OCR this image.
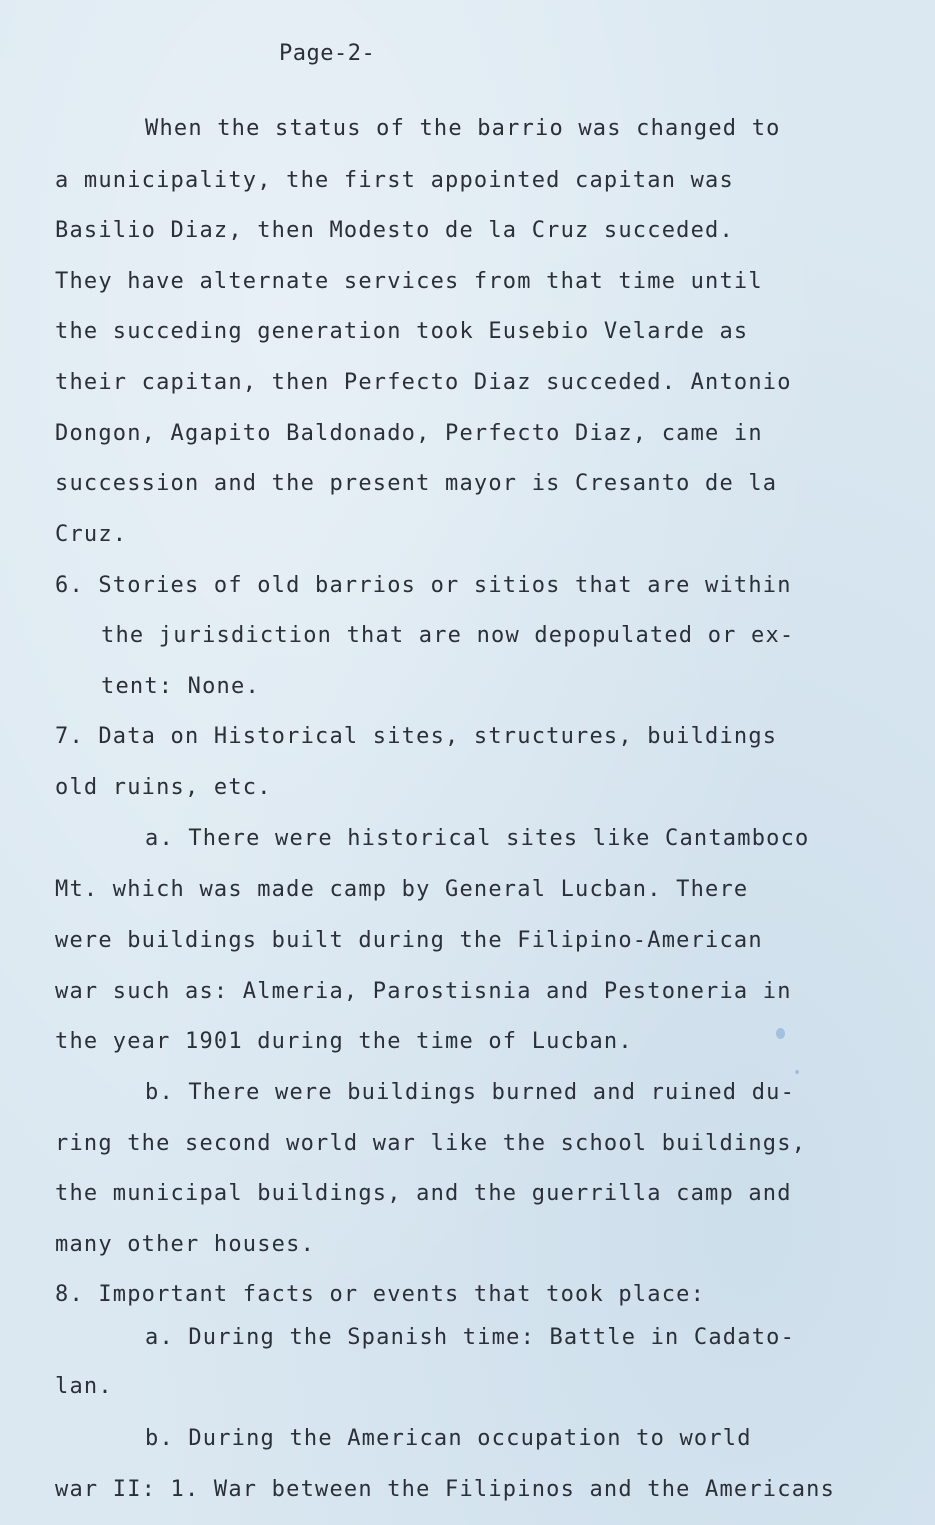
Page-2-
When the status of the barrio was changed to
a municipality, the first appointed capitan was
Basilio Diaz, then Modesto de la Cruz succeded.
They have alternate services from that time until
the succeding generation took Eusebio Velarde as
their capitan, then Perfecto Diaz succeded. Antonio
Dongon, Agapito Baldonado, Perfecto Diaz, came in
succession and the present mayor is Cresanto de la
Cruz.
6. Stories of old barrios or sitios that are within
the jurisdiction that are now depopulated or ex-
tent: None.
7. Data on Historical sites, structures, buildings
old ruins, etc.
a. There were historical sites like Cantamboco
Mt. which was made camp by General Lucban. There
were buildings built during the Filipino-American
war such as: Almeria, Parostisnia and Pestoneria in
the year 1901 during the time of Lucban.
b. There were buildings burned and ruined du-
ring the second world war like the school buildings,
the municipal buildings, and the guerrilla camp and
many other houses.
8. Important facts or events that took place:
a. During the Spanish time: Battle in Cadato-
lan.
b. During the American occupation to world
war II: 1. War between the Filipinos and the Americans
